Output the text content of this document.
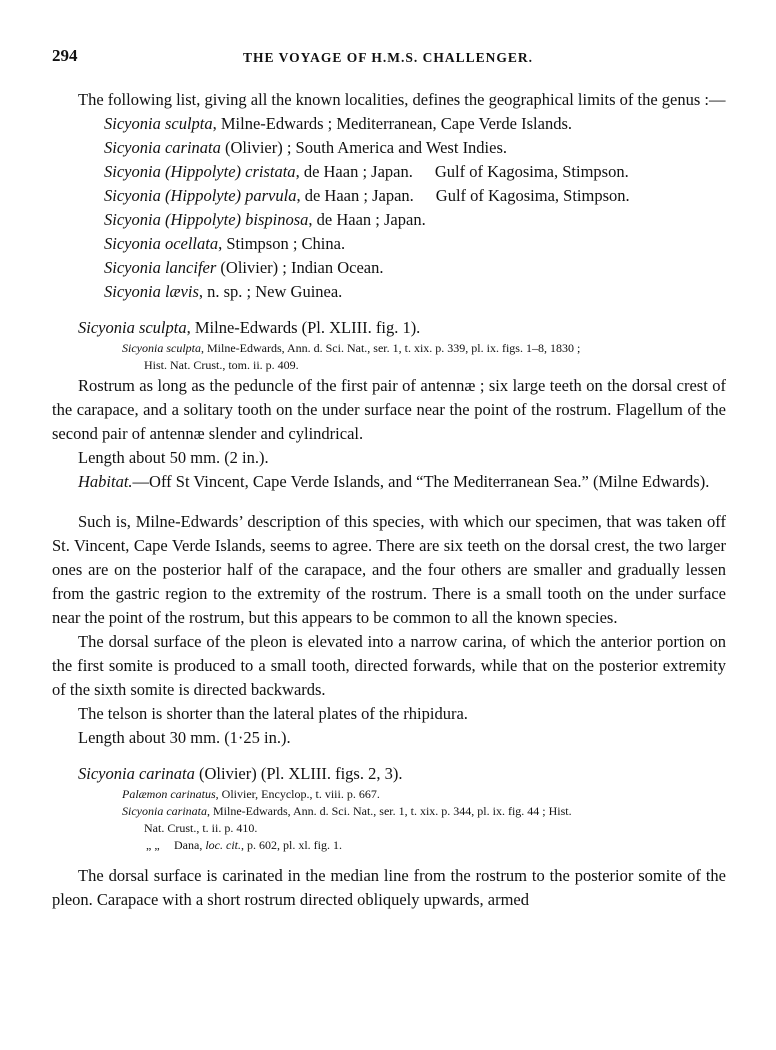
294	THE VOYAGE OF H.M.S. CHALLENGER.

The following list, giving all the known localities, defines the geographical limits of the genus :—

Sicyonia sculpta, Milne-Edwards ; Mediterranean, Cape Verde Islands.
Sicyonia carinata (Olivier) ; South America and West Indies.
Sicyonia (Hippolyte) cristata, de Haan ; Japan. Gulf of Kagosima, Stimpson.
Sicyonia (Hippolyte) parvula, de Haan ; Japan. Gulf of Kagosima, Stimpson.
Sicyonia (Hippolyte) bispinosa, de Haan ; Japan.
Sicyonia ocellata, Stimpson ; China.
Sicyonia lancifer (Olivier) ; Indian Ocean.
Sicyonia lævis, n. sp. ; New Guinea.

Sicyonia sculpta, Milne-Edwards (Pl. XLIII. fig. 1).

Sicyonia sculpta, Milne-Edwards, Ann. d. Sci. Nat., ser. 1, t. xix. p. 339, pl. ix. figs. 1–8, 1830 ;
Hist. Nat. Crust., tom. ii. p. 409.

Rostrum as long as the peduncle of the first pair of antennæ ; six large teeth on the dorsal crest of the carapace, and a solitary tooth on the under surface near the point of the rostrum. Flagellum of the second pair of antennæ slender and cylindrical.

Length about 50 mm. (2 in.).

Habitat.—Off St Vincent, Cape Verde Islands, and “The Mediterranean Sea.” (Milne Edwards).

Such is, Milne-Edwards’ description of this species, with which our specimen, that was taken off St. Vincent, Cape Verde Islands, seems to agree. There are six teeth on the dorsal crest, the two larger ones are on the posterior half of the carapace, and the four others are smaller and gradually lessen from the gastric region to the extremity of the rostrum. There is a small tooth on the under surface near the point of the rostrum, but this appears to be common to all the known species.

The dorsal surface of the pleon is elevated into a narrow carina, of which the anterior portion on the first somite is produced to a small tooth, directed forwards, while that on the posterior extremity of the sixth somite is directed backwards.

The telson is shorter than the lateral plates of the rhipidura.

Length about 30 mm. (1·25 in.).

Sicyonia carinata (Olivier) (Pl. XLIII. figs. 2, 3).

Palæmon carinatus, Olivier, Encyclop., t. viii. p. 667.
Sicyonia carinata, Milne-Edwards, Ann. d. Sci. Nat., ser. 1, t. xix. p. 344, pl. ix. fig. 44 ; Hist.
Nat. Crust., t. ii. p. 410.
„ „ Dana, loc. cit., p. 602, pl. xl. fig. 1.

The dorsal surface is carinated in the median line from the rostrum to the posterior somite of the pleon. Carapace with a short rostrum directed obliquely upwards, armed
